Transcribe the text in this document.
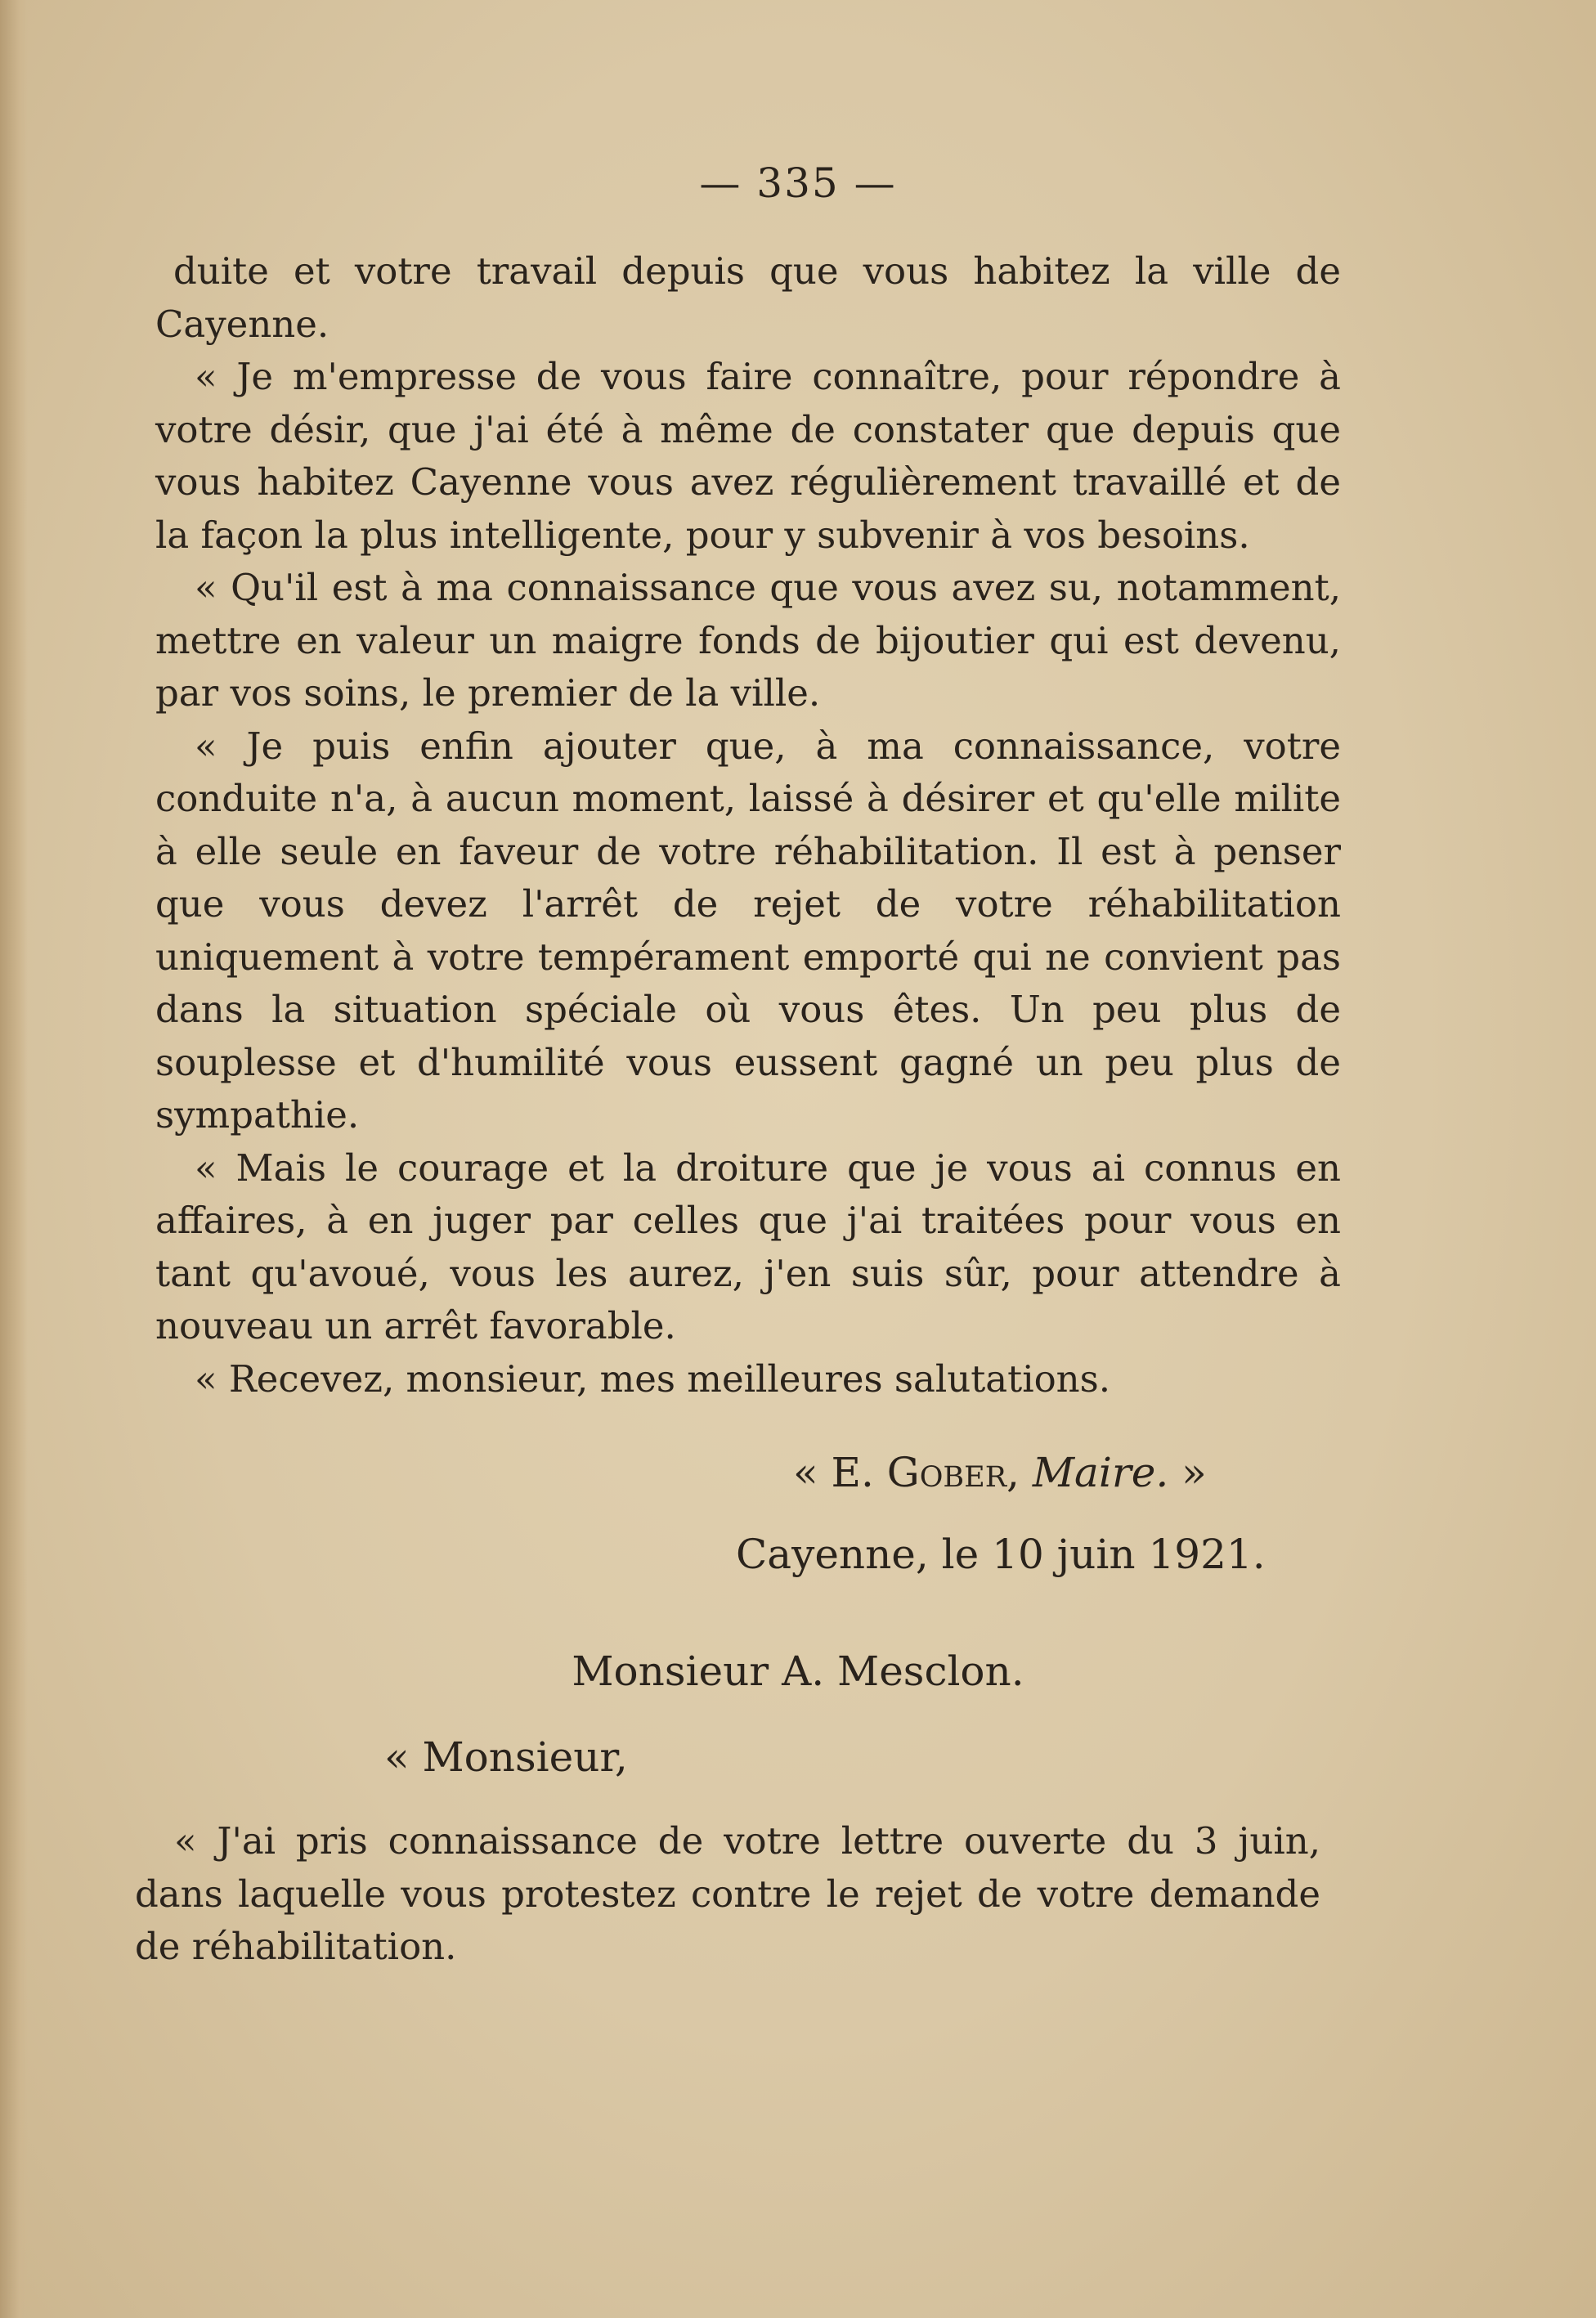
— 335 —

duite et votre travail depuis que vous habitez la ville de Cayenne.

« Je m'empresse de vous faire connaître, pour répondre à votre désir, que j'ai été à même de constater que depuis que vous habitez Cayenne vous avez régulièrement travaillé et de la façon la plus intelligente, pour y subvenir à vos besoins.

« Qu'il est à ma connaissance que vous avez su, notamment, mettre en valeur un maigre fonds de bijoutier qui est devenu, par vos soins, le premier de la ville.

« Je puis enfin ajouter que, à ma connaissance, votre conduite n'a, à aucun moment, laissé à désirer et qu'elle milite à elle seule en faveur de votre réhabilitation. Il est à penser que vous devez l'arrêt de rejet de votre réhabilitation uniquement à votre tempérament emporté qui ne convient pas dans la situation spéciale où vous êtes. Un peu plus de souplesse et d'humilité vous eussent gagné un peu plus de sympathie.

« Mais le courage et la droiture que je vous ai connus en affaires, à en juger par celles que j'ai traitées pour vous en tant qu'avoué, vous les aurez, j'en suis sûr, pour attendre à nouveau un arrêt favorable.

« Recevez, monsieur, mes meilleures salutations.

« E. Gober, Maire. »
Cayenne, le 10 juin 1921.
Monsieur A. Mesclon.
« Monsieur,

« J'ai pris connaissance de votre lettre ouverte du 3 juin, dans laquelle vous protestez contre le rejet de votre demande de réhabilitation.
